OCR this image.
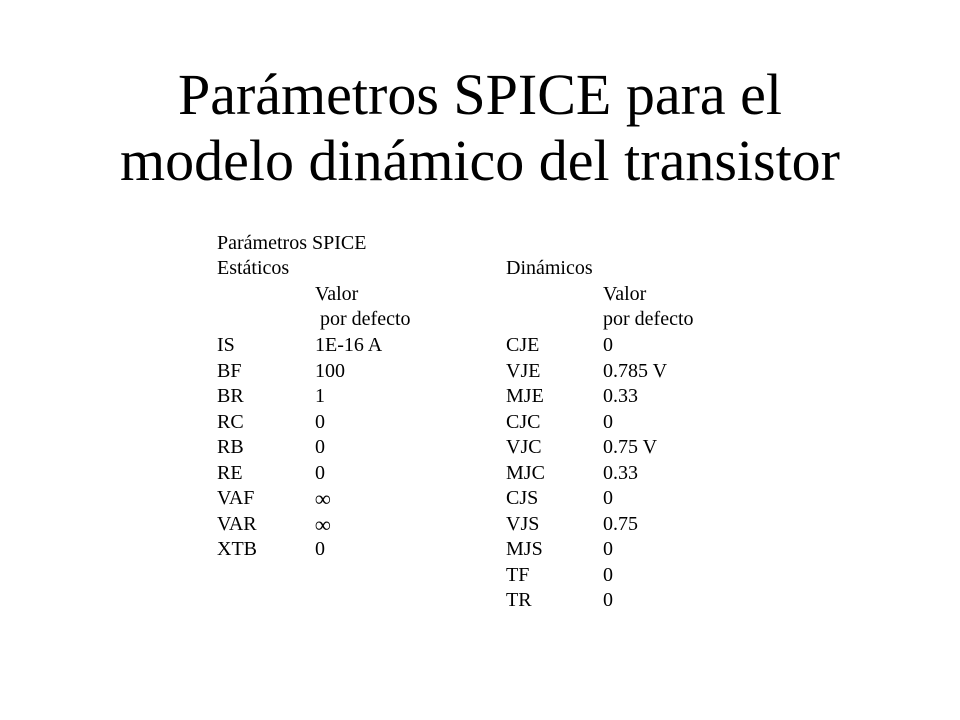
Parámetros SPICE para el
modelo dinámico del transistor
Parámetros SPICE
Estáticos
Valor
por defecto
Dinámicos
Valor
por defecto
IS
BF
BR
RC
RB
RE
VAF
VAR
XTB
1E-16 A
100
1
0
0
0
∞
∞
0
CJE
VJE
MJE
CJC
VJC
MJC
CJS
VJS
MJS
TF
TR
0
0.785 V
0.33
0
0.75 V
0.33
0
0.75
0
0
0
